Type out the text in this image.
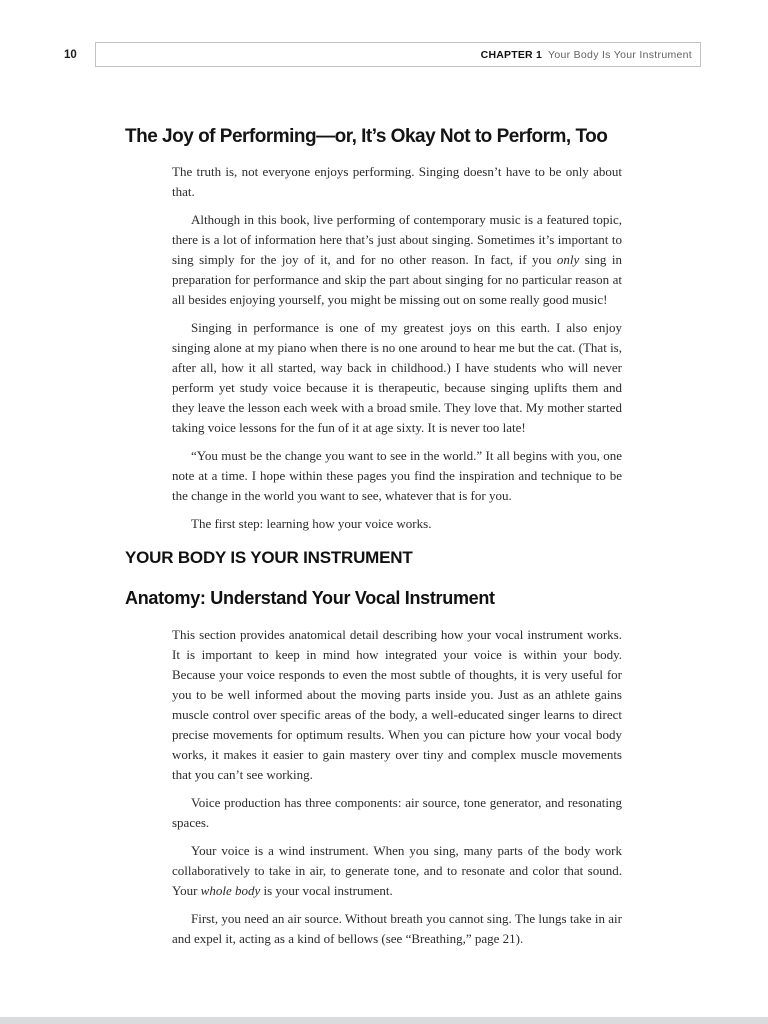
10	CHAPTER 1 Your Body Is Your Instrument
The Joy of Performing—or, It’s Okay Not to Perform, Too

The truth is, not everyone enjoys performing. Singing doesn’t have to be only about that.

Although in this book, live performing of contemporary music is a featured topic, there is a lot of information here that’s just about singing. Sometimes it’s important to sing simply for the joy of it, and for no other reason. In fact, if you only sing in preparation for performance and skip the part about singing for no particular reason at all besides enjoying yourself, you might be missing out on some really good music!

Singing in performance is one of my greatest joys on this earth. I also enjoy singing alone at my piano when there is no one around to hear me but the cat. (That is, after all, how it all started, way back in childhood.) I have students who will never perform yet study voice because it is therapeutic, because singing uplifts them and they leave the lesson each week with a broad smile. They love that. My mother started taking voice lessons for the fun of it at age sixty. It is never too late!

“You must be the change you want to see in the world.” It all begins with you, one note at a time. I hope within these pages you find the inspiration and technique to be the change in the world you want to see, whatever that is for you.

The first step: learning how your voice works.

YOUR BODY IS YOUR INSTRUMENT
Anatomy: Understand Your Vocal Instrument

This section provides anatomical detail describing how your vocal instrument works. It is important to keep in mind how integrated your voice is within your body. Because your voice responds to even the most subtle of thoughts, it is very useful for you to be well informed about the moving parts inside you. Just as an athlete gains muscle control over specific areas of the body, a well-educated singer learns to direct precise movements for optimum results. When you can picture how your vocal body works, it makes it easier to gain mastery over tiny and complex muscle movements that you can’t see working.

Voice production has three components: air source, tone generator, and resonating spaces.

Your voice is a wind instrument. When you sing, many parts of the body work collaboratively to take in air, to generate tone, and to resonate and color that sound. Your whole body is your vocal instrument.

First, you need an air source. Without breath you cannot sing. The lungs take in air and expel it, acting as a kind of bellows (see “Breathing,” page 21).
